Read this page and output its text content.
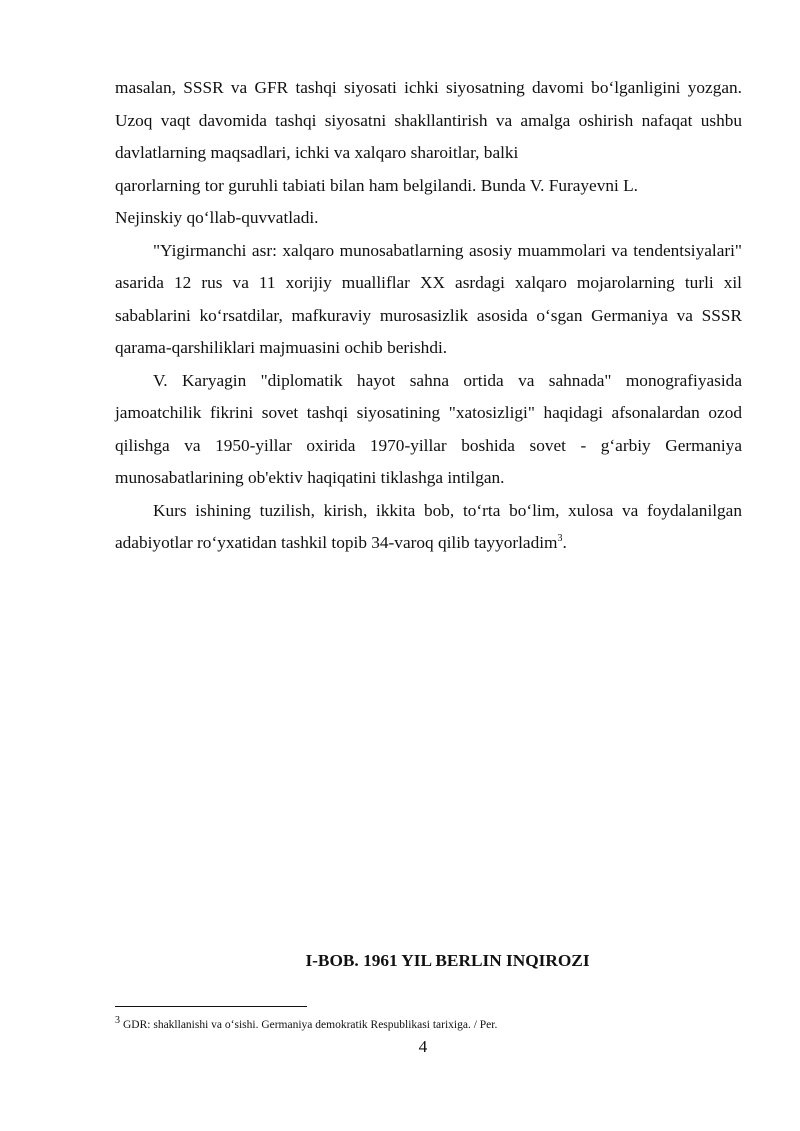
masalan, SSSR va GFR tashqi siyosati ichki siyosatning davomi bo‘lganligini yozgan. Uzoq vaqt davomida tashqi siyosatni shakllantirish va amalga oshirish nafaqat ushbu davlatlarning maqsadlari, ichki va xalqaro sharoitlar, balki
qarorlarning tor guruhli tabiati bilan ham belgilandi. Bunda V. Furayevni L.
Nejinskiy qo‘llab-quvvatladi.

"Yigirmanchi asr: xalqaro munosabatlarning asosiy muammolari va tendentsiyalari" asarida 12 rus va 11 xorijiy mualliflar XX asrdagi xalqaro mojarolarning turli xil sabablarini ko‘rsatdilar, mafkuraviy murosasizlik asosida o‘sgan Germaniya va SSSR qarama-qarshiliklari majmuasini ochib berishdi.

V. Karyagin "diplomatik hayot sahna ortida va sahnada" monografiyasida jamoatchilik fikrini sovet tashqi siyosatining "xatosizligi" haqidagi afsonalardan ozod qilishga va 1950-yillar oxirida 1970-yillar boshida sovet - g‘arbiy Germaniya munosabatlarining ob'ektiv haqiqatini tiklashga intilgan.

Kurs ishining tuzilish, kirish, ikkita bob, to‘rta bo‘lim, xulosa va foydalanilgan adabiyotlar ro‘yxatidan tashkil topib 34-varoq qilib tayyorladim$^3$.

I-BOB. 1961 YIL BERLIN INQIROZI

$^3$ GDR: shakllanishi va o‘sishi. Germaniya demokratik Respublikasi tarixiga. / Per.

4
